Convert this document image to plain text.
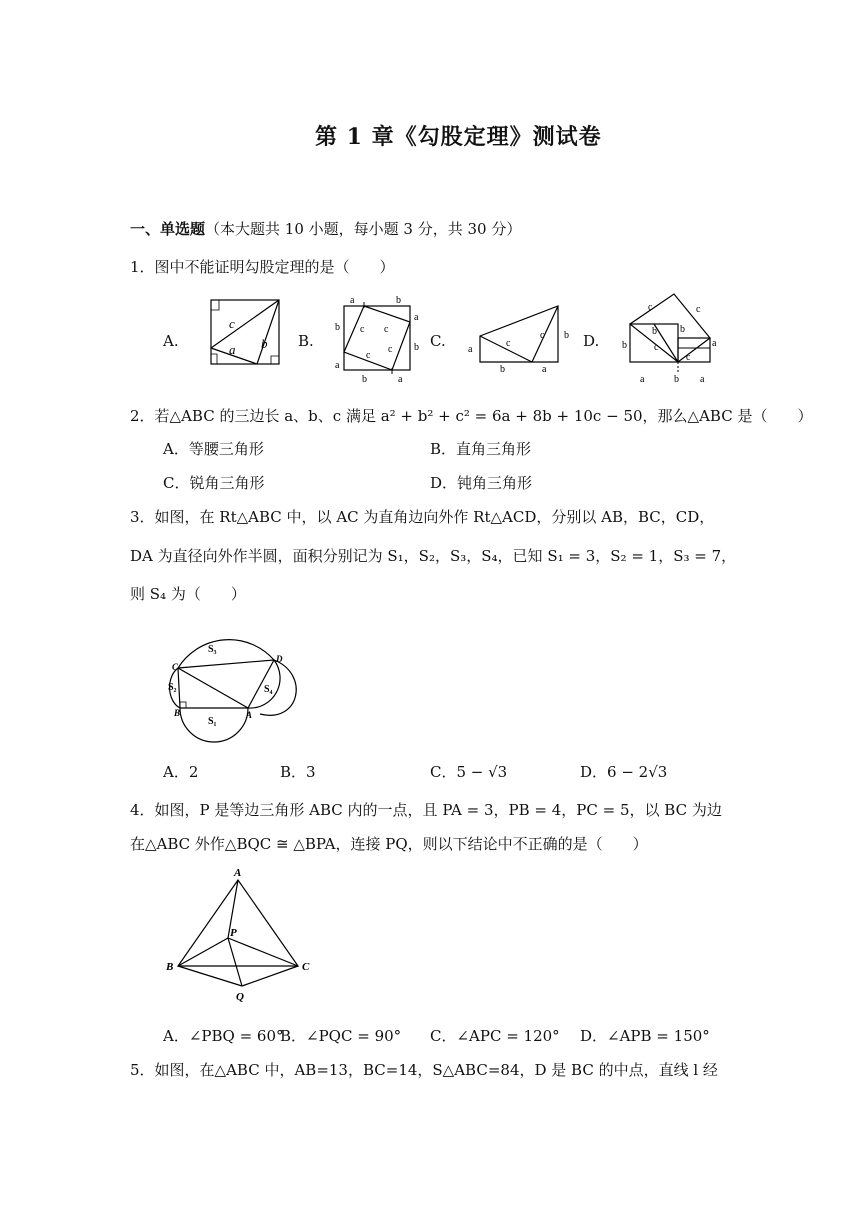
第 1 章《勾股定理》测试卷
一、单选题（本大题共 10 小题，每小题 3 分，共 30 分）
1．图中不能证明勾股定理的是（　　）
A.
c
a b B.
a	b
b
a
b
a
b	a
c c
c
c	C. a
b
c
c
b	a
D.
c	c
b b
c
c
b	a
a	b a
2．若△ABC 的三边长 a、b、c 满足 a² + b² + c² = 6a + 8b + 10c − 50，那么△ABC 是（　　）
A．等腰三角形	B．直角三角形
C．锐角三角形	D．钝角三角形
3．如图，在 Rt△ABC 中，以 AC 为直角边向外作 Rt△ACD，分别以 AB，BC，CD，
DA 为直径向外作半圆，面积分别记为 S₁，S₂，S₃，S₄，已知 S₁ = 3，S₂ = 1，S₃ = 7，
则 S₄ 为（　　）
C
D
B	A
S₃
S₂	S₄
S₁
A．2	B．3	C．5 − √3	D．6 − 2√3
4．如图，P 是等边三角形 ABC 内的一点，且 PA = 3，PB = 4，PC = 5，以 BC 为边
在△ABC 外作△BQC ≅ △BPA，连接 PQ，则以下结论中不正确的是（　　）
A
P
B	C
Q
A．∠PBQ = 60°
B．∠PQC = 90° C．∠APC = 120° D．∠APB = 150°
5．如图，在△ABC 中，AB=13，BC=14，S△ABC=84，D 是 BC 的中点，直线 l 经
